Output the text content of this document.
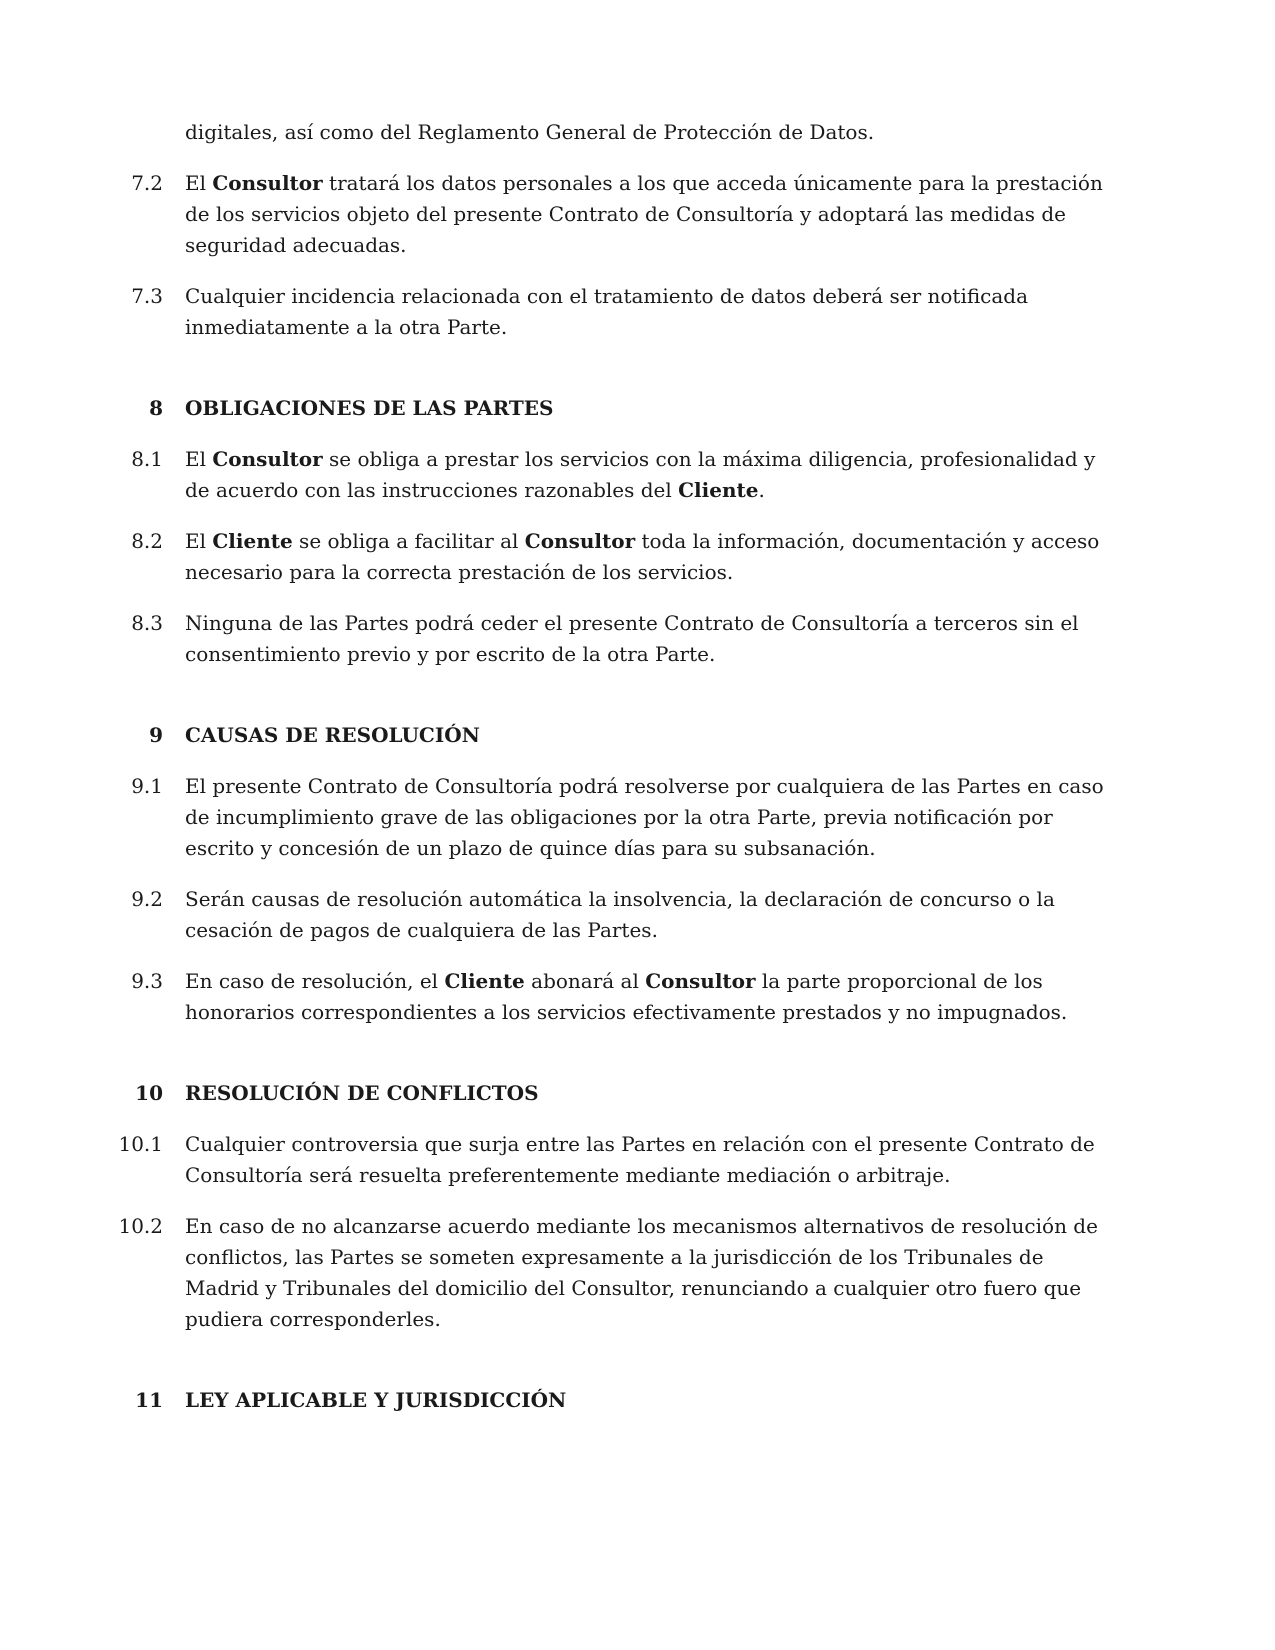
digitales, así como del Reglamento General de Protección de Datos.
7.2	El Consultor tratará los datos personales a los que acceda únicamente para la prestación de los servicios objeto del presente Contrato de Consultoría y adoptará las medidas de seguridad adecuadas.
7.3	Cualquier incidencia relacionada con el tratamiento de datos deberá ser notificada inmediatamente a la otra Parte.
8	OBLIGACIONES DE LAS PARTES
8.1	El Consultor se obliga a prestar los servicios con la máxima diligencia, profesionalidad y de acuerdo con las instrucciones razonables del Cliente.
8.2	El Cliente se obliga a facilitar al Consultor toda la información, documentación y acceso necesario para la correcta prestación de los servicios.
8.3	Ninguna de las Partes podrá ceder el presente Contrato de Consultoría a terceros sin el consentimiento previo y por escrito de la otra Parte.
9	CAUSAS DE RESOLUCIÓN
9.1	El presente Contrato de Consultoría podrá resolverse por cualquiera de las Partes en caso de incumplimiento grave de las obligaciones por la otra Parte, previa notificación por escrito y concesión de un plazo de quince días para su subsanación.
9.2	Serán causas de resolución automática la insolvencia, la declaración de concurso o la cesación de pagos de cualquiera de las Partes.
9.3	En caso de resolución, el Cliente abonará al Consultor la parte proporcional de los honorarios correspondientes a los servicios efectivamente prestados y no impugnados.
10	RESOLUCIÓN DE CONFLICTOS
10.1	Cualquier controversia que surja entre las Partes en relación con el presente Contrato de Consultoría será resuelta preferentemente mediante mediación o arbitraje.
10.2	En caso de no alcanzarse acuerdo mediante los mecanismos alternativos de resolución de conflictos, las Partes se someten expresamente a la jurisdicción de los Tribunales de Madrid y Tribunales del domicilio del Consultor, renunciando a cualquier otro fuero que pudiera corresponderles.
11	LEY APLICABLE Y JURISDICCIÓN
